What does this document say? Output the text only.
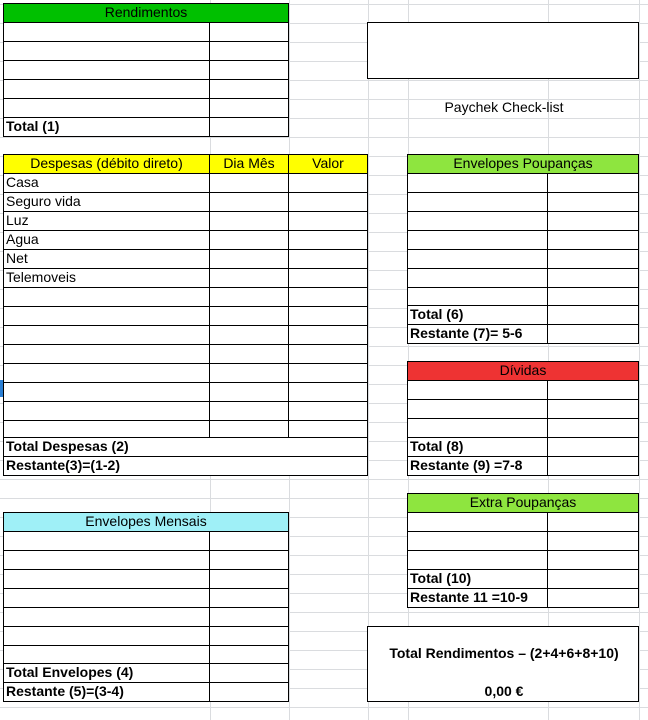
Rendimentos
Total (1)
Paychek Check-list
Despesas (débito direto)	Dia Mês	Valor
Casa
Seguro vida
Luz
Agua
Net
Telemoveis
Total Despesas (2)
Restante(3)=(1-2)
Envelopes Poupanças
Total (6)
Restante (7)= 5-6
Dívidas
Total (8)
Restante (9) =7-8
Extra Poupanças
Total (10)
Restante 11 =10-9
Envelopes Mensais
Total Envelopes (4)
Restante (5)=(3-4)
Total Rendimentos – (2+4+6+8+10)
0,00 €
